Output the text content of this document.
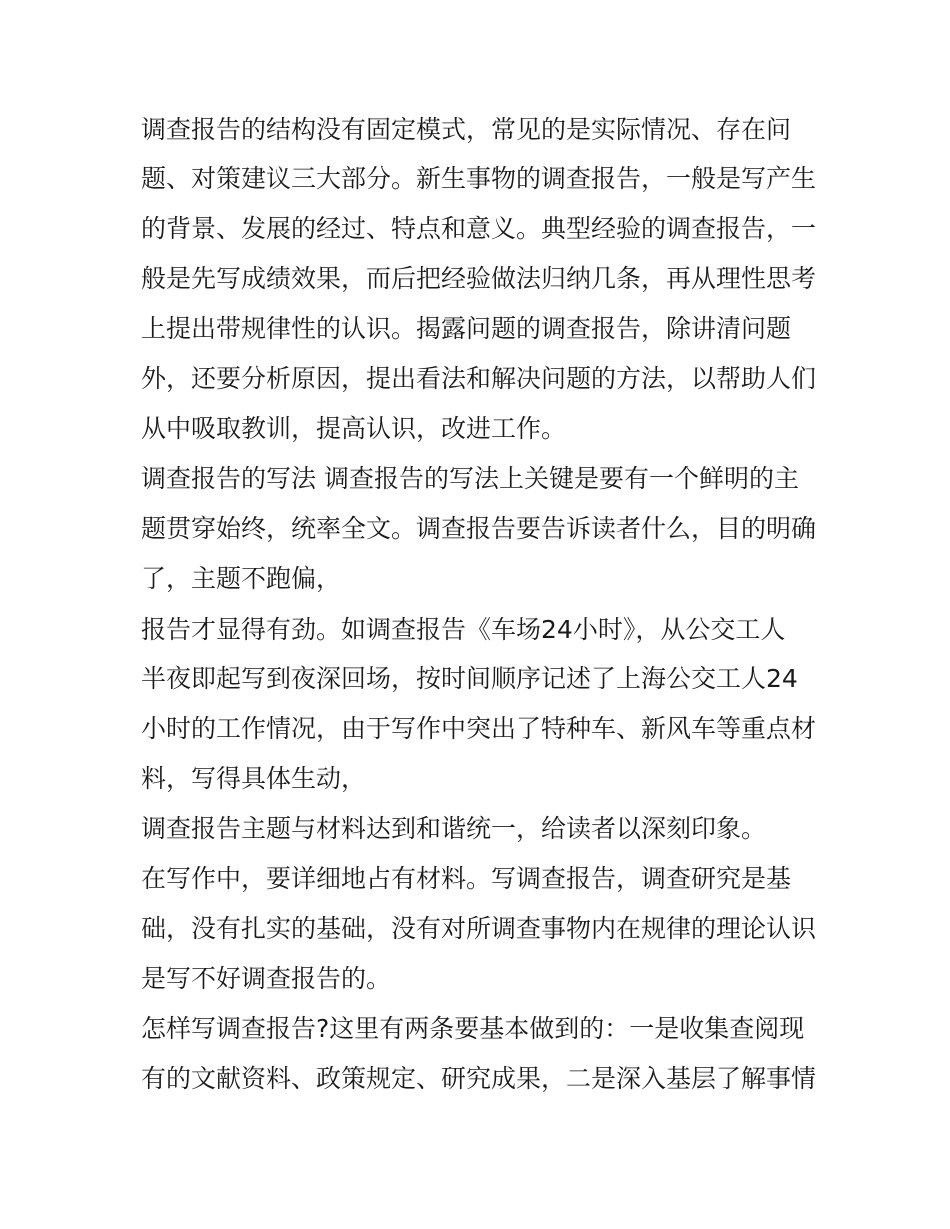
调查报告的结构没有固定模式，常见的是实际情况、存在问

题、对策建议三大部分。新生事物的调查报告，一般是写产生

的背景、发展的经过、特点和意义。典型经验的调查报告，一

般是先写成绩效果，而后把经验做法归纳几条，再从理性思考

上提出带规律性的认识。揭露问题的调查报告，除讲清问题

外，还要分析原因，提出看法和解决问题的方法，以帮助人们

从中吸取教训，提高认识，改进工作。

调查报告的写法 调查报告的写法上关键是要有一个鲜明的主

题贯穿始终，统率全文。调查报告要告诉读者什么，目的明确

了，主题不跑偏，

报告才显得有劲。如调查报告《车场24小时》，从公交工人

半夜即起写到夜深回场，按时间顺序记述了上海公交工人24

小时的工作情况，由于写作中突出了特种车、新风车等重点材

料，写得具体生动，

调查报告主题与材料达到和谐统一，给读者以深刻印象。

在写作中，要详细地占有材料。写调查报告，调查研究是基

础，没有扎实的基础，没有对所调查事物内在规律的理论认识

是写不好调查报告的。

怎样写调查报告?这里有两条要基本做到的：一是收集查阅现

有的文献资料、政策规定、研究成果，二是深入基层了解事情
